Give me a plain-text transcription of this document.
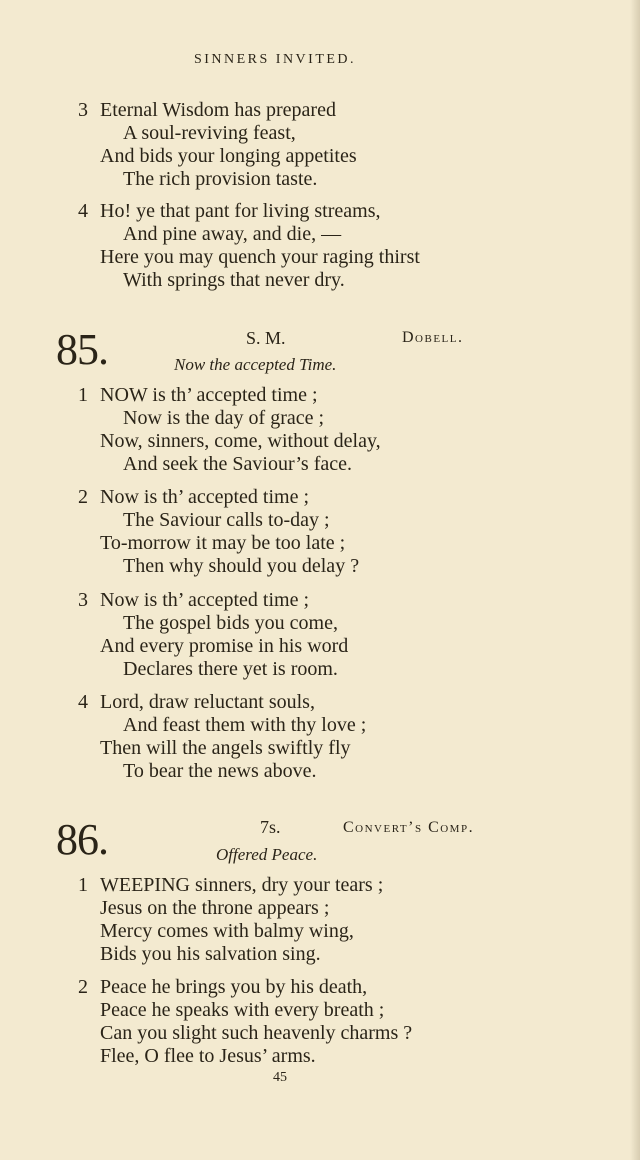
SINNERS INVITED.
3 Eternal Wisdom has prepared
A soul-reviving feast,
And bids your longing appetites
The rich provision taste.
4 Ho! ye that pant for living streams,
And pine away, and die, —
Here you may quench your raging thirst
With springs that never dry.
85.	S. M.	Dobell.
Now the accepted Time.
1 NOW is th’ accepted time ;
Now is the day of grace ;
Now, sinners, come, without delay,
And seek the Saviour’s face.
2 Now is th’ accepted time ;
The Saviour calls to-day ;
To-morrow it may be too late ;
Then why should you delay ?
3 Now is th’ accepted time ;
The gospel bids you come,
And every promise in his word
Declares there yet is room.
4 Lord, draw reluctant souls,
And feast them with thy love ;
Then will the angels swiftly fly
To bear the news above.
86.	7s.	Convert’s Comp.
Offered Peace.
1 WEEPING sinners, dry your tears ;
Jesus on the throne appears ;
Mercy comes with balmy wing,
Bids you his salvation sing.
2 Peace he brings you by his death,
Peace he speaks with every breath ;
Can you slight such heavenly charms ?
Flee, O flee to Jesus’ arms.
45
